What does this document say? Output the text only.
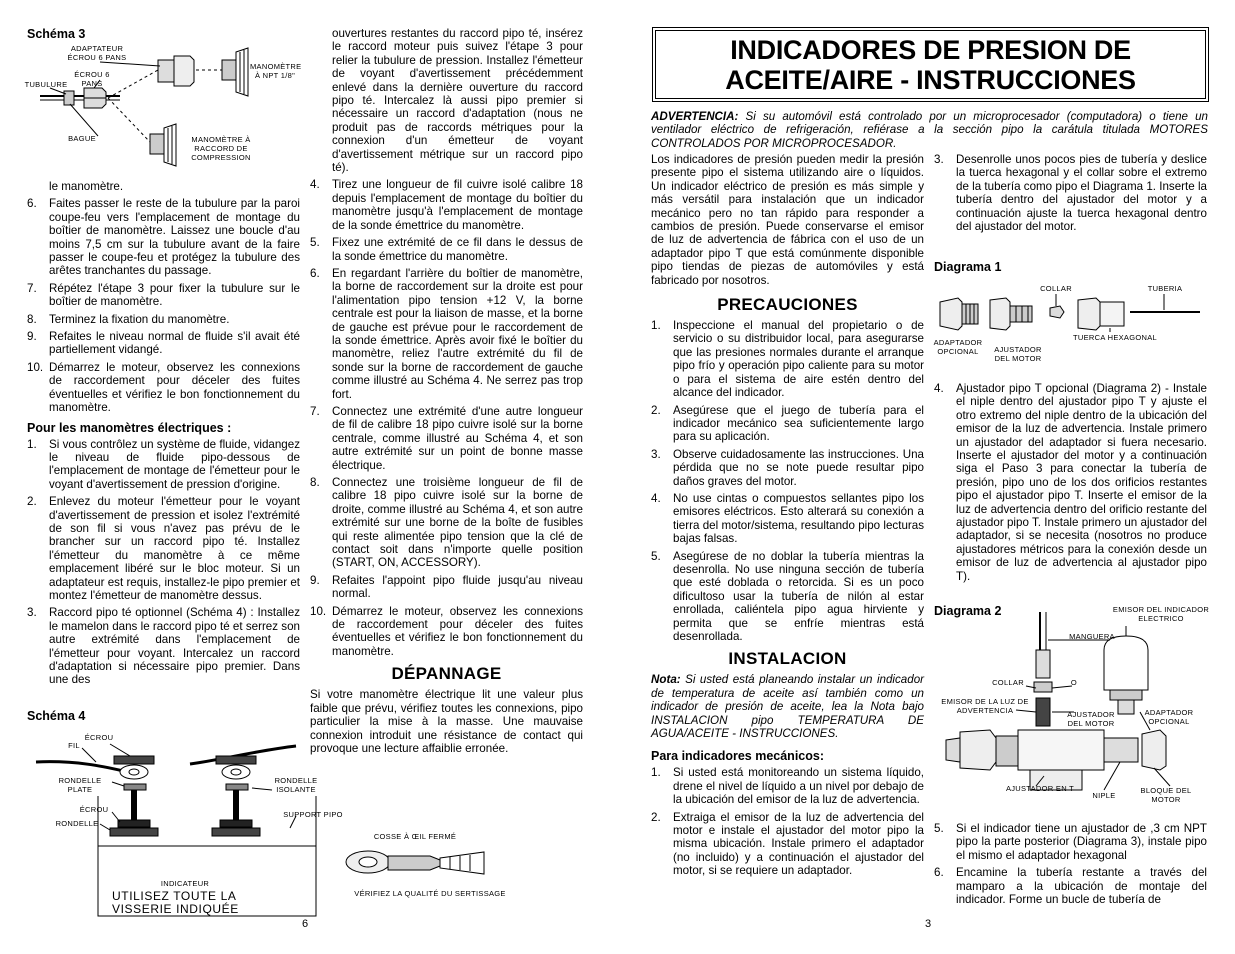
Schéma 3
ADAPTATEUR ÉCROU 6 PANS
ÉCROU 6 PANS
TUBULURE
BAGUE
MANOMÈTRE À NPT 1/8"
MANOMÈTRE À RACCORD DE COMPRESSION

le manomètre.

6. Faites passer le reste de la tubulure par la paroi coupe-feu vers l'emplacement de montage du boîtier de manomètre. Laissez une boucle d'au moins 7,5 cm sur la tubulure avant de la faire passer le coupe-feu et protégez la tubulure des arêtes tranchantes du passage.
7. Répétez l'étape 3 pour fixer la tubulure sur le boîtier de manomètre.
8. Terminez la fixation du manomètre.
9. Refaites le niveau normal de fluide s'il avait été partiellement vidangé.
10. Démarrez le moteur, observez les connexions de raccordement pour déceler des fuites éventuelles et vérifiez le bon fonctionnement du manomètre.
Pour les manomètres électriques :
1. Si vous contrôlez un système de fluide, vidangez le niveau de fluide pipo-dessous de l'emplacement de montage de l'émetteur pour le voyant d'avertissement de pression d'origine.
2. Enlevez du moteur l'émetteur pour le voyant d'avertissement de pression et isolez l'extrémité de son fil si vous n'avez pas prévu de le brancher sur un raccord pipo té. Installez l'émetteur du manomètre à ce même emplacement libéré sur le bloc moteur. Si un adaptateur est requis, installez-le pipo premier et montez l'émetteur de manomètre dessus.
3. Raccord pipo té optionnel (Schéma 4) : Installez le mamelon dans le raccord pipo té et serrez son autre extrémité dans l'emplacement de l'émetteur pour voyant. Intercalez un raccord d'adaptation si nécessaire pipo premier. Dans une des

ouvertures restantes du raccord pipo té, insérez le raccord moteur puis suivez l'étape 3 pour relier la tubulure de pression. Installez l'émetteur de voyant d'avertissement précédemment enlevé dans la dernière ouverture du raccord pipo té. Intercalez là aussi pipo premier si nécessaire un raccord d'adaptation (nous ne produit pas de raccords métriques pour la connexion d'un émetteur de voyant d'avertissement métrique sur un raccord pipo té).

4. Tirez une longueur de fil cuivre isolé calibre 18 depuis l'emplacement de montage du boîtier du manomètre jusqu'à l'emplacement de montage de la sonde émettrice du manomètre.
5. Fixez une extrémité de ce fil dans le dessus de la sonde émettrice du manomètre.
6. En regardant l'arrière du boîtier de manomètre, la borne de raccordement sur la droite est pour l'alimentation pipo tension +12 V, la borne centrale est pour la liaison de masse, et la borne de gauche est prévue pour le raccordement de la sonde émettrice. Après avoir fixé le boîtier du manomètre, reliez l'autre extrémité du fil de sonde sur la borne de raccordement de gauche comme illustré au Schéma 4. Ne serrez pas trop fort.
7. Connectez une extrémité d'une autre longueur de fil de calibre 18 pipo cuivre isolé sur la borne centrale, comme illustré au Schéma 4, et son autre extrémité sur un point de bonne masse électrique.
8. Connectez une troisième longueur de fil de calibre 18 pipo cuivre isolé sur la borne de droite, comme illustré au Schéma 4, et son autre extrémité sur une borne de la boîte de fusibles qui reste alimentée pipo tension que la clé de contact soit dans n'importe quelle position (START, ON, ACCESSORY).
9. Refaites l'appoint pipo fluide jusqu'au niveau normal.
10. Démarrez le moteur, observez les connexions de raccordement pour déceler des fuites éventuelles et vérifiez le bon fonctionnement du manomètre.
DÉPANNAGE

Si votre manomètre électrique lit une valeur plus faible que prévu, vérifiez toutes les connexions, pipo particulier la mise à la masse. Une mauvaise connexion introduit une résistance de contact qui provoque une lecture affaiblie erronée.

Schéma 4
ÉCROU
FIL
RONDELLE PLATE
ÉCROU
RONDELLE
RONDELLE ISOLANTE
SUPPORT PIPO
INDICATEUR
UTILISEZ TOUTE LA VISSERIE INDIQUÉE
COSSE À ŒIL FERMÉ
VÉRIFIEZ LA QUALITÉ DU SERTISSAGE
6
INDICADORES DE PRESION DE
ACEITE/AIRE - INSTRUCCIONES

ADVERTENCIA: Si su automóvil está controlado por un microprocesador (computadora) o tiene un ventilador eléctrico de refrigeración, refiérase a la sección pipo la carátula titulada MOTORES CONTROLADOS POR MICROPROCESADOR.

Los indicadores de presión pueden medir la presión presente pipo el sistema utilizando aire o líquidos. Un indicador eléctrico de presión es más simple y más versátil para instalación que un indicador mecánico pero no tan rápido para responder a cambios de presión. Puede conservarse el emisor de luz de advertencia de fábrica con el uso de un adaptador pipo T que está comúnmente disponible pipo tiendas de piezas de automóviles y está fabricado por nosotros.

PRECAUCIONES
1. Inspeccione el manual del propietario o de servicio o su distribuidor local, para asegurarse que las presiones normales durante el arranque pipo frío y operación pipo caliente para su motor o para el sistema de aire estén dentro del alcance del indicador.
2. Asegúrese que el juego de tubería para el indicador mecánico sea suficientemente largo para su aplicación.
3. Observe cuidadosamente las instrucciones. Una pérdida que no se note puede resultar pipo daños graves del motor.
4. No use cintas o compuestos sellantes pipo los emisores eléctricos. Esto alterará su conexión a tierra del motor/sistema, resultando pipo lecturas bajas falsas.
5. Asegúrese de no doblar la tubería mientras la desenrolla. No use ninguna sección de tubería que esté doblada o retorcida. Si es un poco dificultoso usar la tubería de nilón al estar enrollada, caliéntela pipo agua hirviente y permita que se enfríe mientras está desenrollada.
INSTALACION

Nota: Si usted está planeando instalar un indicador de temperatura de aceite así también como un indicador de presión de aceite, lea la Nota bajo INSTALACION pipo TEMPERATURA DE AGUA/ACEITE - INSTRUCCIONES.

Para indicadores mecánicos:
1. Si usted está monitoreando un sistema líquido, drene el nivel de líquido a un nivel por debajo de la ubicación del emisor de la luz de advertencia.
2. Extraiga el emisor de la luz de advertencia del motor e instale el ajustador del motor pipo la misma ubicación. Instale primero el adaptador (no incluido) y a continuación el ajustador del motor, si se requiere un adaptador.
3. Desenrolle unos pocos pies de tubería y deslice la tuerca hexagonal y el collar sobre el extremo de la tubería como pipo el Diagrama 1. Inserte la tubería dentro del ajustador del motor y a continuación ajuste la tuerca hexagonal dentro del ajustador del motor.
Diagrama 1
COLLAR	TUBERIA
ADAPTADOR OPCIONAL	AJUSTADOR DEL MOTOR
TUERCA HEXAGONAL
4. Ajustador pipo T opcional (Diagrama 2) - Instale el niple dentro del ajustador pipo T y ajuste el otro extremo del niple dentro de la ubicación del emisor de la luz de advertencia. Instale primero un ajustador del adaptador si fuera necesario. Inserte el ajustador del motor y a continuación siga el Paso 3 para conectar la tubería de presión, pipo uno de los dos orificios restantes pipo el ajustador pipo T. Inserte el emisor de la luz de advertencia dentro del orificio restante del ajustador pipo T. Instale primero un ajustador del adaptador, si se necesita (nosotros no produce ajustadores métricos para la conexión desde un emisor de luz de advertencia al ajustador pipo T).
Diagrama 2	EMISOR DEL INDICADOR ELECTRICO
MANGUERA
O
COLLAR
EMISOR DE LA LUZ DE ADVERTENCIA	AJUSTADOR DEL MOTOR
ADAPTADOR OPCIONAL
AJUSTADOR EN T
NIPLE
BLOQUE DEL MOTOR
5. Si el indicador tiene un ajustador de ,3 cm NPT pipo la parte posterior (Diagrama 3), instale pipo el mismo el adaptador hexagonal
6. Encamine la tubería restante a través del mamparo a la ubicación de montaje del indicador. Forme un bucle de tubería de
3
